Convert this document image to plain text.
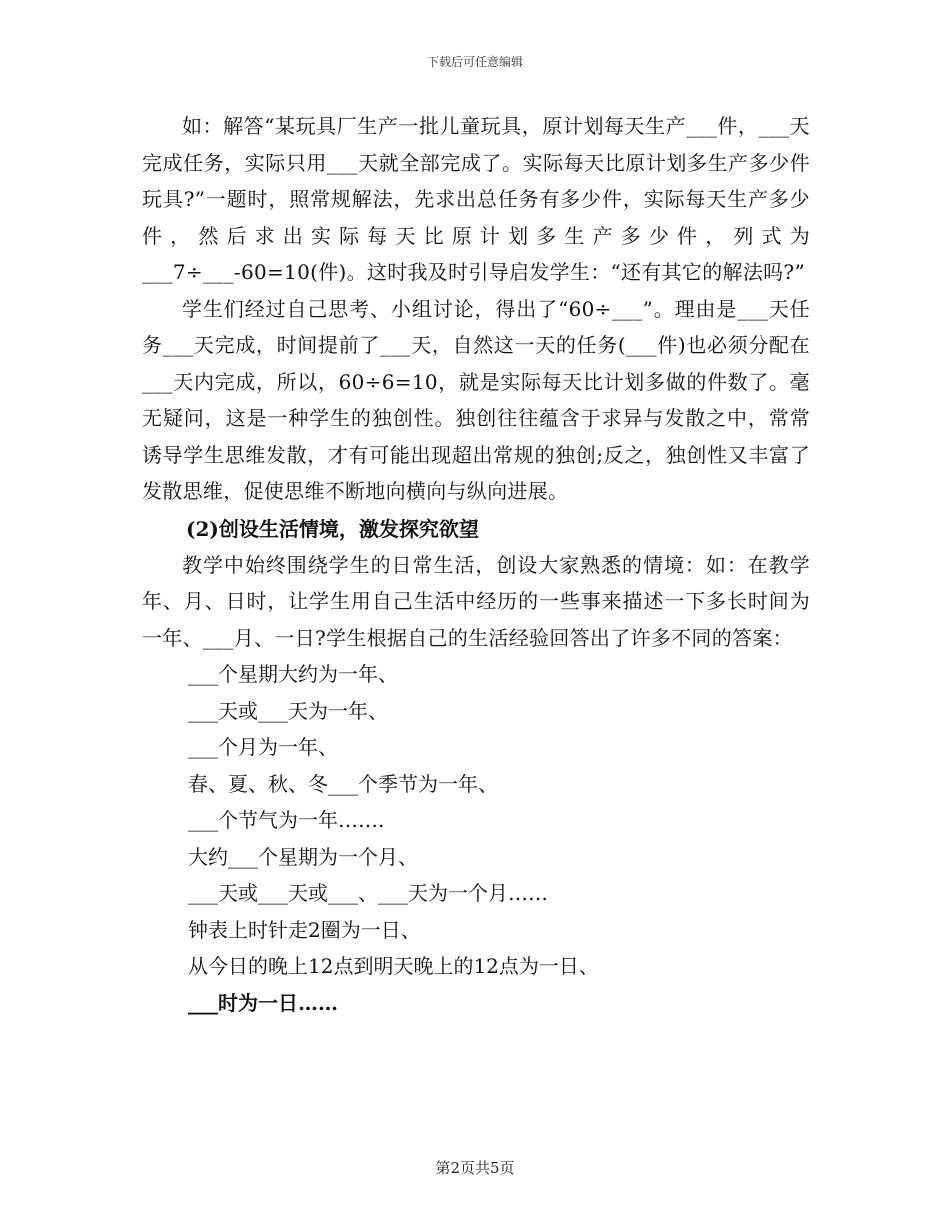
下载后可任意编辑

如：解答“某玩具厂生产一批儿童玩具，原计划每天生产___件，___天完成任务，实际只用___天就全部完成了。实际每天比原计划多生产多少件玩具?”一题时，照常规解法，先求出总任务有多少件，实际每天生产多少件，然后求出实际每天比原计划多生产多少件，列式为___7÷___-60=10(件)。这时我及时引导启发学生：“还有其它的解法吗?”

学生们经过自己思考、小组讨论，得出了“60÷___”。理由是___天任务___天完成，时间提前了___天，自然这一天的任务(___件)也必须分配在___天内完成，所以，60÷6=10，就是实际每天比计划多做的件数了。毫无疑问，这是一种学生的独创性。独创往往蕴含于求异与发散之中，常常诱导学生思维发散，才有可能出现超出常规的独创;反之，独创性又丰富了发散思维，促使思维不断地向横向与纵向进展。

(2)创设生活情境，激发探究欲望

教学中始终围绕学生的日常生活，创设大家熟悉的情境：如：在教学年、月、日时，让学生用自己生活中经历的一些事来描述一下多长时间为一年、___月、一日?学生根据自己的生活经验回答出了许多不同的答案：

___个星期大约为一年、

___天或___天为一年、

___个月为一年、

春、夏、秋、冬___个季节为一年、

___个节气为一年…….

大约___个星期为一个月、

___天或___天或___、___天为一个月……

钟表上时针走2圈为一日、

从今日的晚上12点到明天晚上的12点为一日、

___时为一日……

第2页共5页
